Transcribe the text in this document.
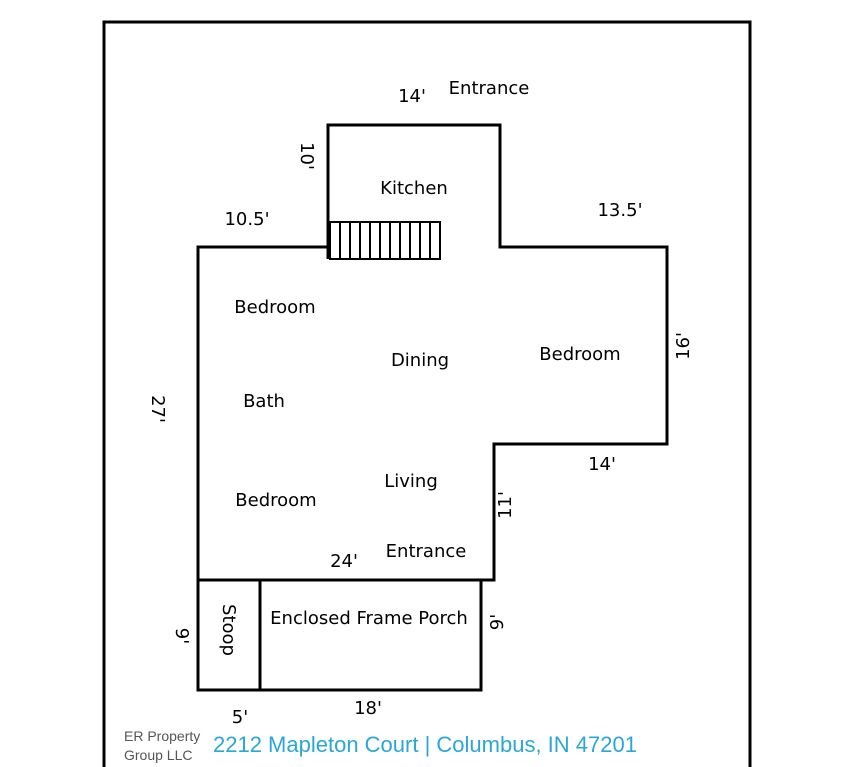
Kitchen
Bedroom
Dining	Bedroom
Bath
Bedroom
Living
Entrance
Enclosed Frame Porch
Stoop
Entrance
14'
10'
10.5'	13.5'
16'
27'
14'
11'
24'
9'
9'
5'	18'
ER Property
Group LLC 2212 Mapleton Court | Columbus, IN 47201
